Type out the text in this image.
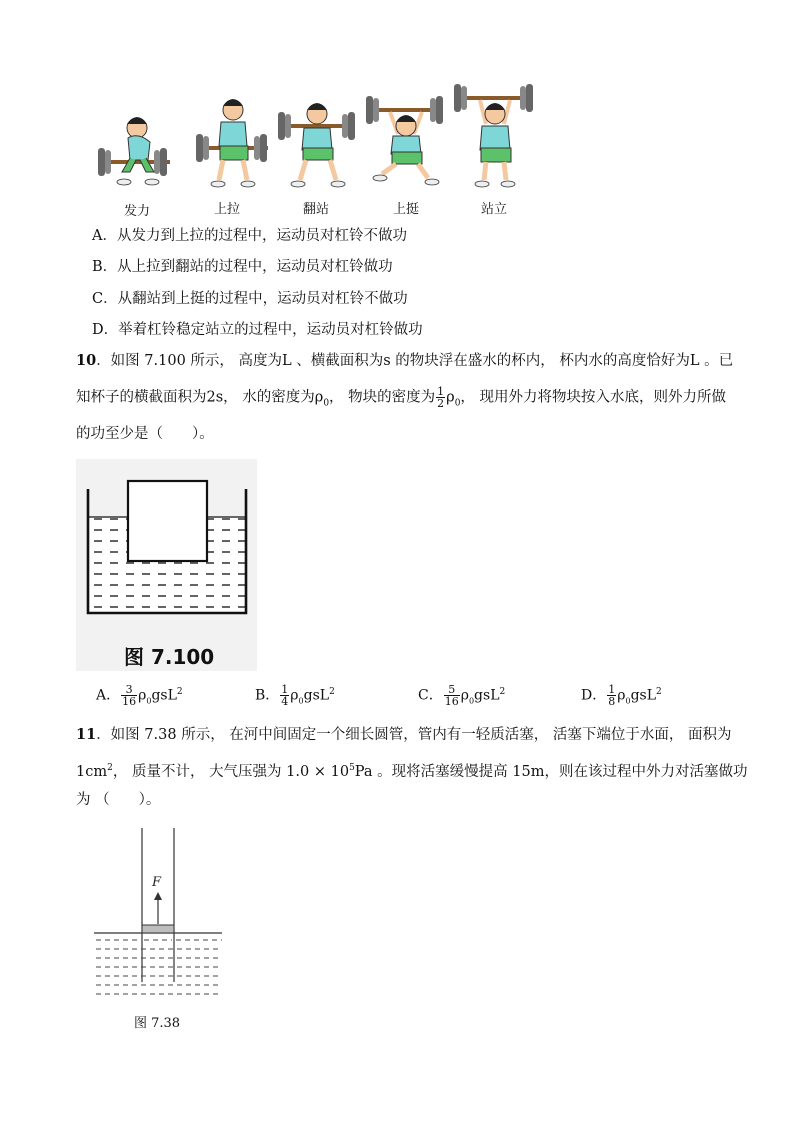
发力	上拉	翻站	上挺	站立
A．从发力到上拉的过程中，运动员对杠铃不做功
B．从上拉到翻站的过程中，运动员对杠铃做功
C．从翻站到上挺的过程中，运动员对杠铃不做功
D．举着杠铃稳定站立的过程中，运动员对杠铃做功
10．如图 7.100 所示， 高度为L 、横截面积为s 的物块浮在盛水的杯内， 杯内水的高度恰好为L 。已
知杯子的横截面积为2s， 水的密度为$\rho_0$， 物块的密度为 $\frac{1}{2} \rho_0$， 现用外力将物块按入水底，则外力所做
的功至少是（　　）。
图 7.100
A． $\frac{3}{16} \rho_0gsL^2$	B． $\frac{1}{4} \rho_0gsL^2$	C． $\frac{5}{16} \rho_0gsL^2$	D． $\frac{1}{8} \rho_0gsL^2$
11．如图 7.38 所示， 在河中间固定一个细长圆管，管内有一轻质活塞， 活塞下端位于水面， 面积为
$1cm^2$， 质量不计， 大气压强为 $1.0 \times 10^5Pa$ 。现将活塞缓慢提高 15m，则在该过程中外力对活塞做功
为 （　　）。
F
图 7.38
